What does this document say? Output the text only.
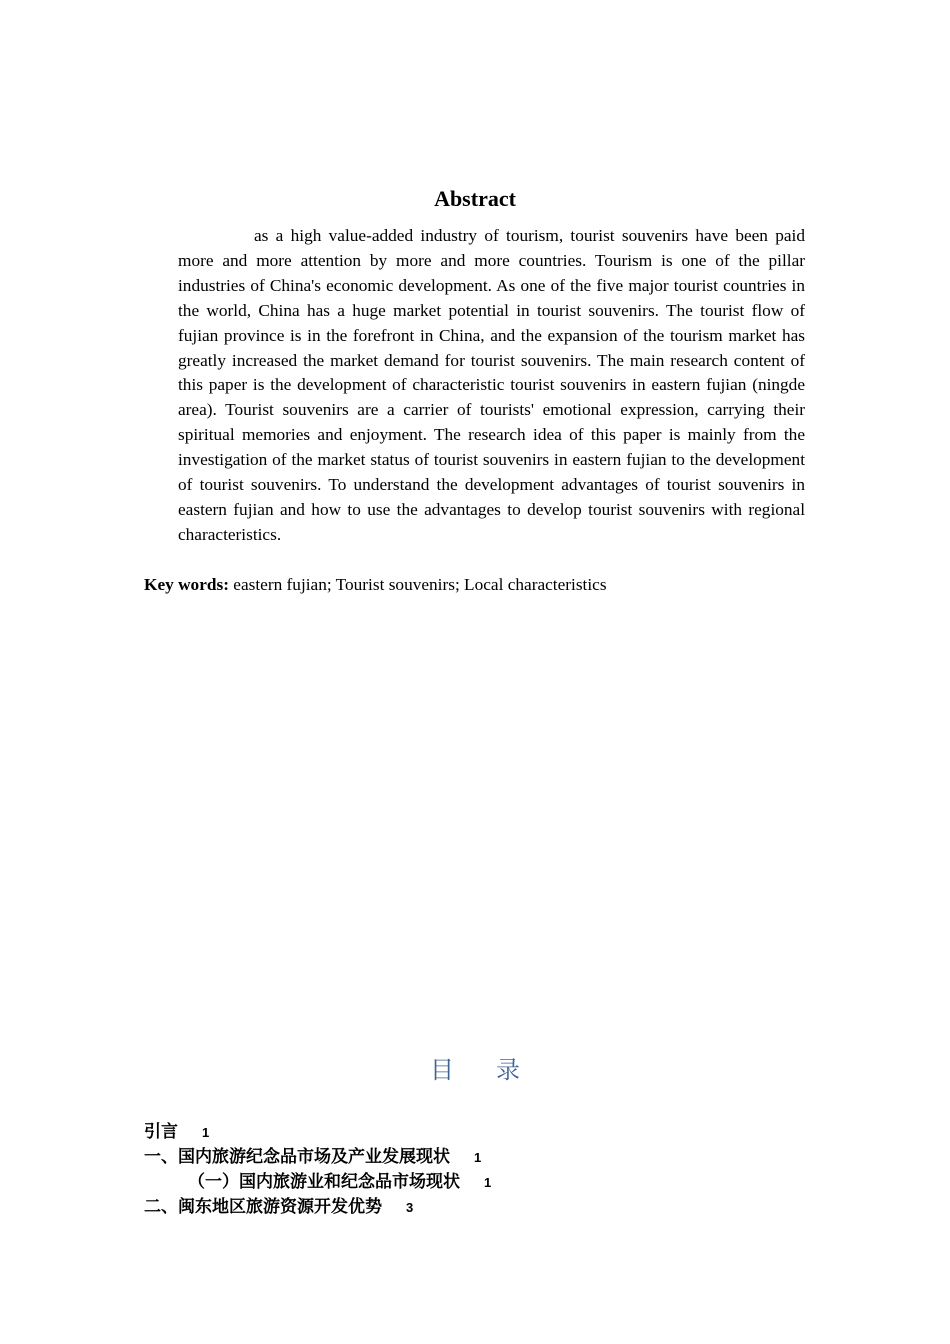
Abstract

as a high value-added industry of tourism, tourist souvenirs have been paid more and more attention by more and more countries. Tourism is one of the pillar industries of China's economic development. As one of the five major tourist countries in the world, China has a huge market potential in tourist souvenirs. The tourist flow of fujian province is in the forefront in China, and the expansion of the tourism market has greatly increased the market demand for tourist souvenirs. The main research content of this paper is the development of characteristic tourist souvenirs in eastern fujian (ningde area). Tourist souvenirs are a carrier of tourists' emotional expression, carrying their spiritual memories and enjoyment. The research idea of this paper is mainly from the investigation of the market status of tourist souvenirs in eastern fujian to the development of tourist souvenirs. To understand the development advantages of tourist souvenirs in eastern fujian and how to use the advantages to develop tourist souvenirs with regional characteristics.

Key words: eastern fujian; Tourist souvenirs; Local characteristics

目 录
引言 1
一、国内旅游纪念品市场及产业发展现状 1
（一）国内旅游业和纪念品市场现状 1
二、闽东地区旅游资源开发优势 3
